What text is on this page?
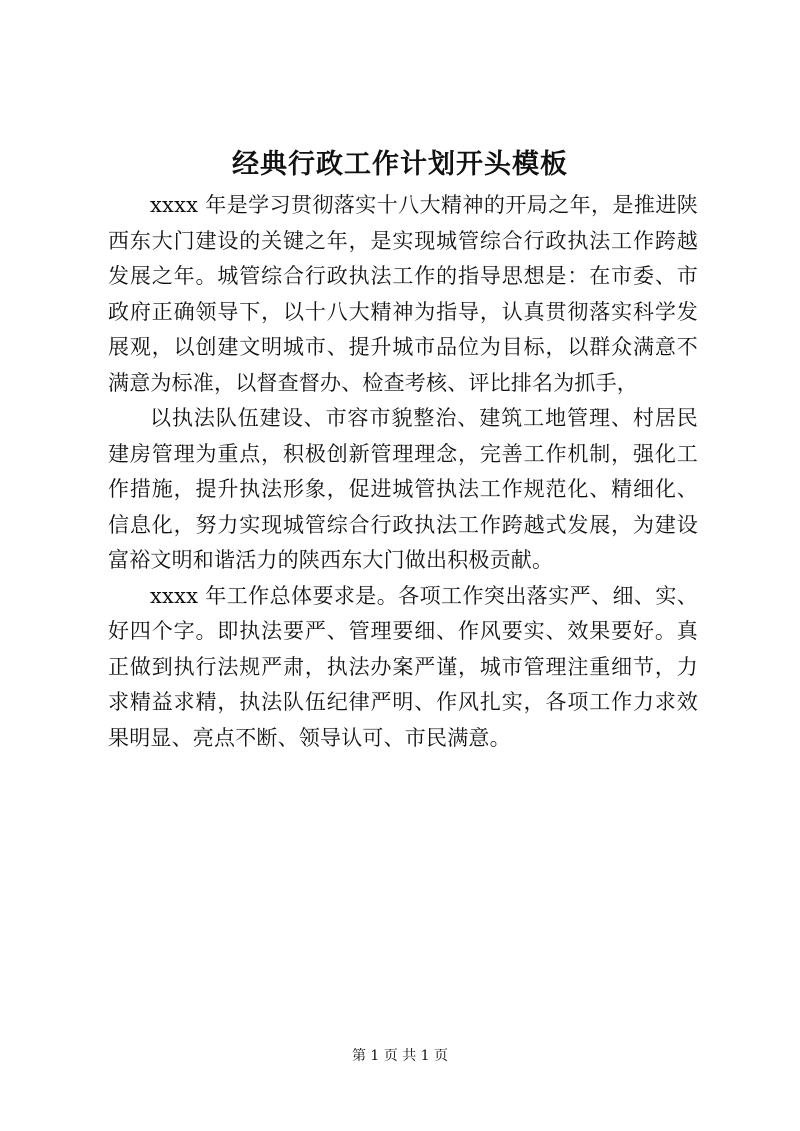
经典行政工作计划开头模板

xxxx 年是学习贯彻落实十八大精神的开局之年，是推进陕西东大门建设的关键之年，是实现城管综合行政执法工作跨越发展之年。城管综合行政执法工作的指导思想是：在市委、市政府正确领导下，以十八大精神为指导，认真贯彻落实科学发展观，以创建文明城市、提升城市品位为目标，以群众满意不满意为标准，以督查督办、检查考核、评比排名为抓手，

以执法队伍建设、市容市貌整治、建筑工地管理、村居民建房管理为重点，积极创新管理理念，完善工作机制，强化工作措施，提升执法形象，促进城管执法工作规范化、精细化、信息化，努力实现城管综合行政执法工作跨越式发展，为建设富裕文明和谐活力的陕西东大门做出积极贡献。

xxxx 年工作总体要求是。各项工作突出落实严、细、实、好四个字。即执法要严、管理要细、作风要实、效果要好。真正做到执行法规严肃，执法办案严谨，城市管理注重细节，力求精益求精，执法队伍纪律严明、作风扎实，各项工作力求效果明显、亮点不断、领导认可、市民满意。

第 1 页 共 1 页
